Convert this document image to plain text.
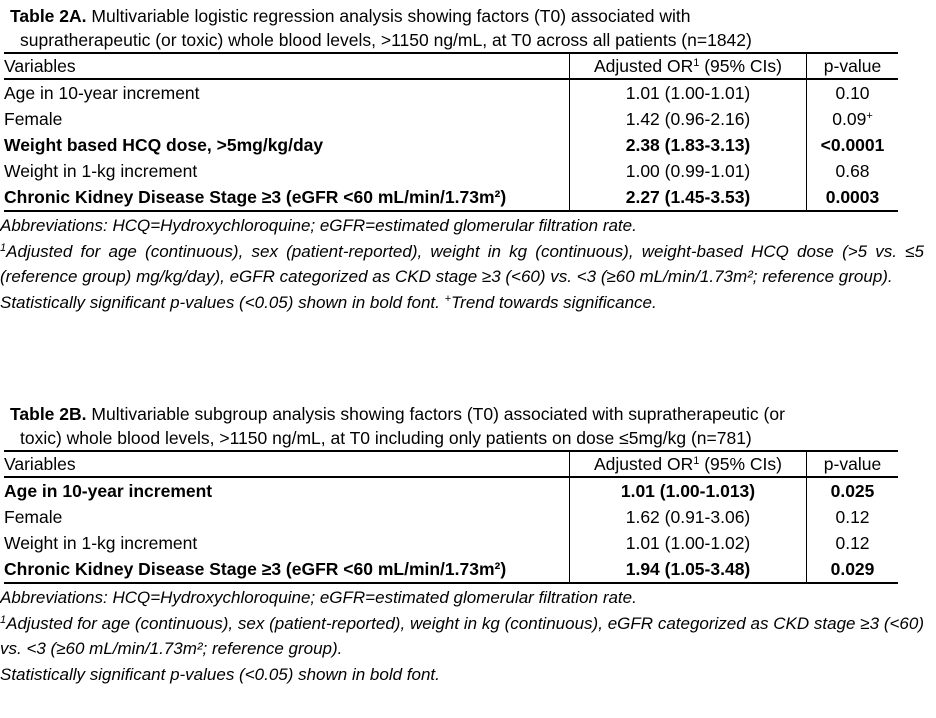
Table 2A. Multivariable logistic regression analysis showing factors (T0) associated with
supratherapeutic (or toxic) whole blood levels, >1150 ng/mL, at T0 across all patients (n=1842)
Variables	Adjusted $OR^1$ (95% CIs)	p-value
Age in 10-year increment	1.01 (1.00-1.01)	0.10
Female	1.42 (0.96-2.16)	0.09+
Weight based HCQ dose, >5mg/kg/day	2.38 (1.83-3.13)	<0.0001
Weight in 1-kg increment	1.00 (0.99-1.01)	0.68
Chronic Kidney Disease Stage ≥3 (eGFR <60 mL/min/1.73m²)	2.27 (1.45-3.53)	0.0003
Abbreviations: HCQ=Hydroxychloroquine; eGFR=estimated glomerular filtration rate.
$^1$Adjusted for age (continuous), sex (patient-reported), weight in kg (continuous), weight-based HCQ dose (>5 vs. ≤5 (reference group) mg/kg/day), eGFR categorized as CKD stage ≥3 (<60) vs. <3 (≥60 mL/min/1.73m²; reference group).
Statistically significant p-values (<0.05) shown in bold font. +Trend towards significance.
Table 2B. Multivariable subgroup analysis showing factors (T0) associated with supratherapeutic (or
toxic) whole blood levels, >1150 ng/mL, at T0 including only patients on dose ≤5mg/kg (n=781)
Variables	Adjusted $OR^1$ (95% CIs)	p-value
Age in 10-year increment	1.01 (1.00-1.013)	0.025
Female	1.62 (0.91-3.06)	0.12
Weight in 1-kg increment	1.01 (1.00-1.02)	0.12
Chronic Kidney Disease Stage ≥3 (eGFR <60 mL/min/1.73m²)	1.94 (1.05-3.48)	0.029
Abbreviations: HCQ=Hydroxychloroquine; eGFR=estimated glomerular filtration rate.
$^1$Adjusted for age (continuous), sex (patient-reported), weight in kg (continuous), eGFR categorized as CKD stage ≥3 (<60) vs. <3 (≥60 mL/min/1.73m²; reference group).
Statistically significant p-values (<0.05) shown in bold font.
